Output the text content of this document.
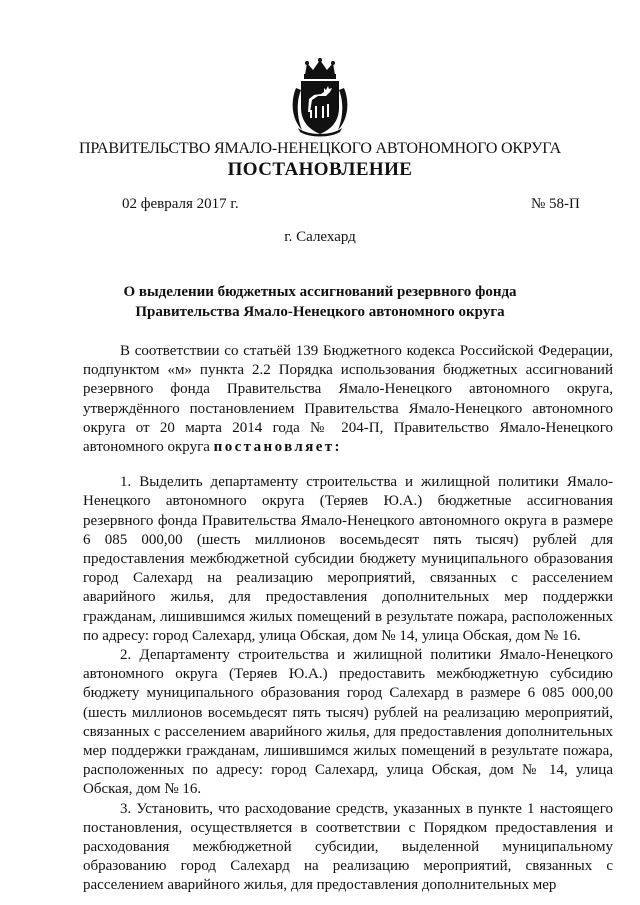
ПРАВИТЕЛЬСТВО ЯМАЛО-НЕНЕЦКОГО АВТОНОМНОГО ОКРУГА
ПОСТАНОВЛЕНИЕ
02 февраля 2017 г.	№ 58-П
г. Салехард
О выделении бюджетных ассигнований резервного фонда
Правительства Ямало-Ненецкого автономного округа

В соответствии со статьёй 139 Бюджетного кодекса Российской Федерации, подпунктом «м» пункта 2.2 Порядка использования бюджетных ассигнований резервного фонда Правительства Ямало-Ненецкого автономного округа, утверждённого постановлением Правительства Ямало-Ненецкого автономного округа от 20 марта 2014 года № 204-П, Правительство Ямало-Ненецкого автономного округа постановляет:

1. Выделить департаменту строительства и жилищной политики Ямало-Ненецкого автономного округа (Теряев Ю.А.) бюджетные ассигнования резервного фонда Правительства Ямало-Ненецкого автономного округа в размере 6 085 000,00 (шесть миллионов восемьдесят пять тысяч) рублей для предоставления межбюджетной субсидии бюджету муниципального образования город Салехард на реализацию мероприятий, связанных с расселением аварийного жилья, для предоставления дополнительных мер поддержки гражданам, лишившимся жилых помещений в результате пожара, расположенных по адресу: город Салехард, улица Обская, дом № 14, улица Обская, дом № 16.

2. Департаменту строительства и жилищной политики Ямало-Ненецкого автономного округа (Теряев Ю.А.) предоставить межбюджетную субсидию бюджету муниципального образования город Салехард в размере 6 085 000,00 (шесть миллионов восемьдесят пять тысяч) рублей на реализацию мероприятий, связанных с расселением аварийного жилья, для предоставления дополнительных мер поддержки гражданам, лишившимся жилых помещений в результате пожара, расположенных по адресу: город Салехард, улица Обская, дом № 14, улица Обская, дом № 16.

3. Установить, что расходование средств, указанных в пункте 1 настоящего постановления, осуществляется в соответствии с Порядком предоставления и расходования межбюджетной субсидии, выделенной муниципальному образованию город Салехард на реализацию мероприятий, связанных с расселением аварийного жилья, для предоставления дополнительных мер
